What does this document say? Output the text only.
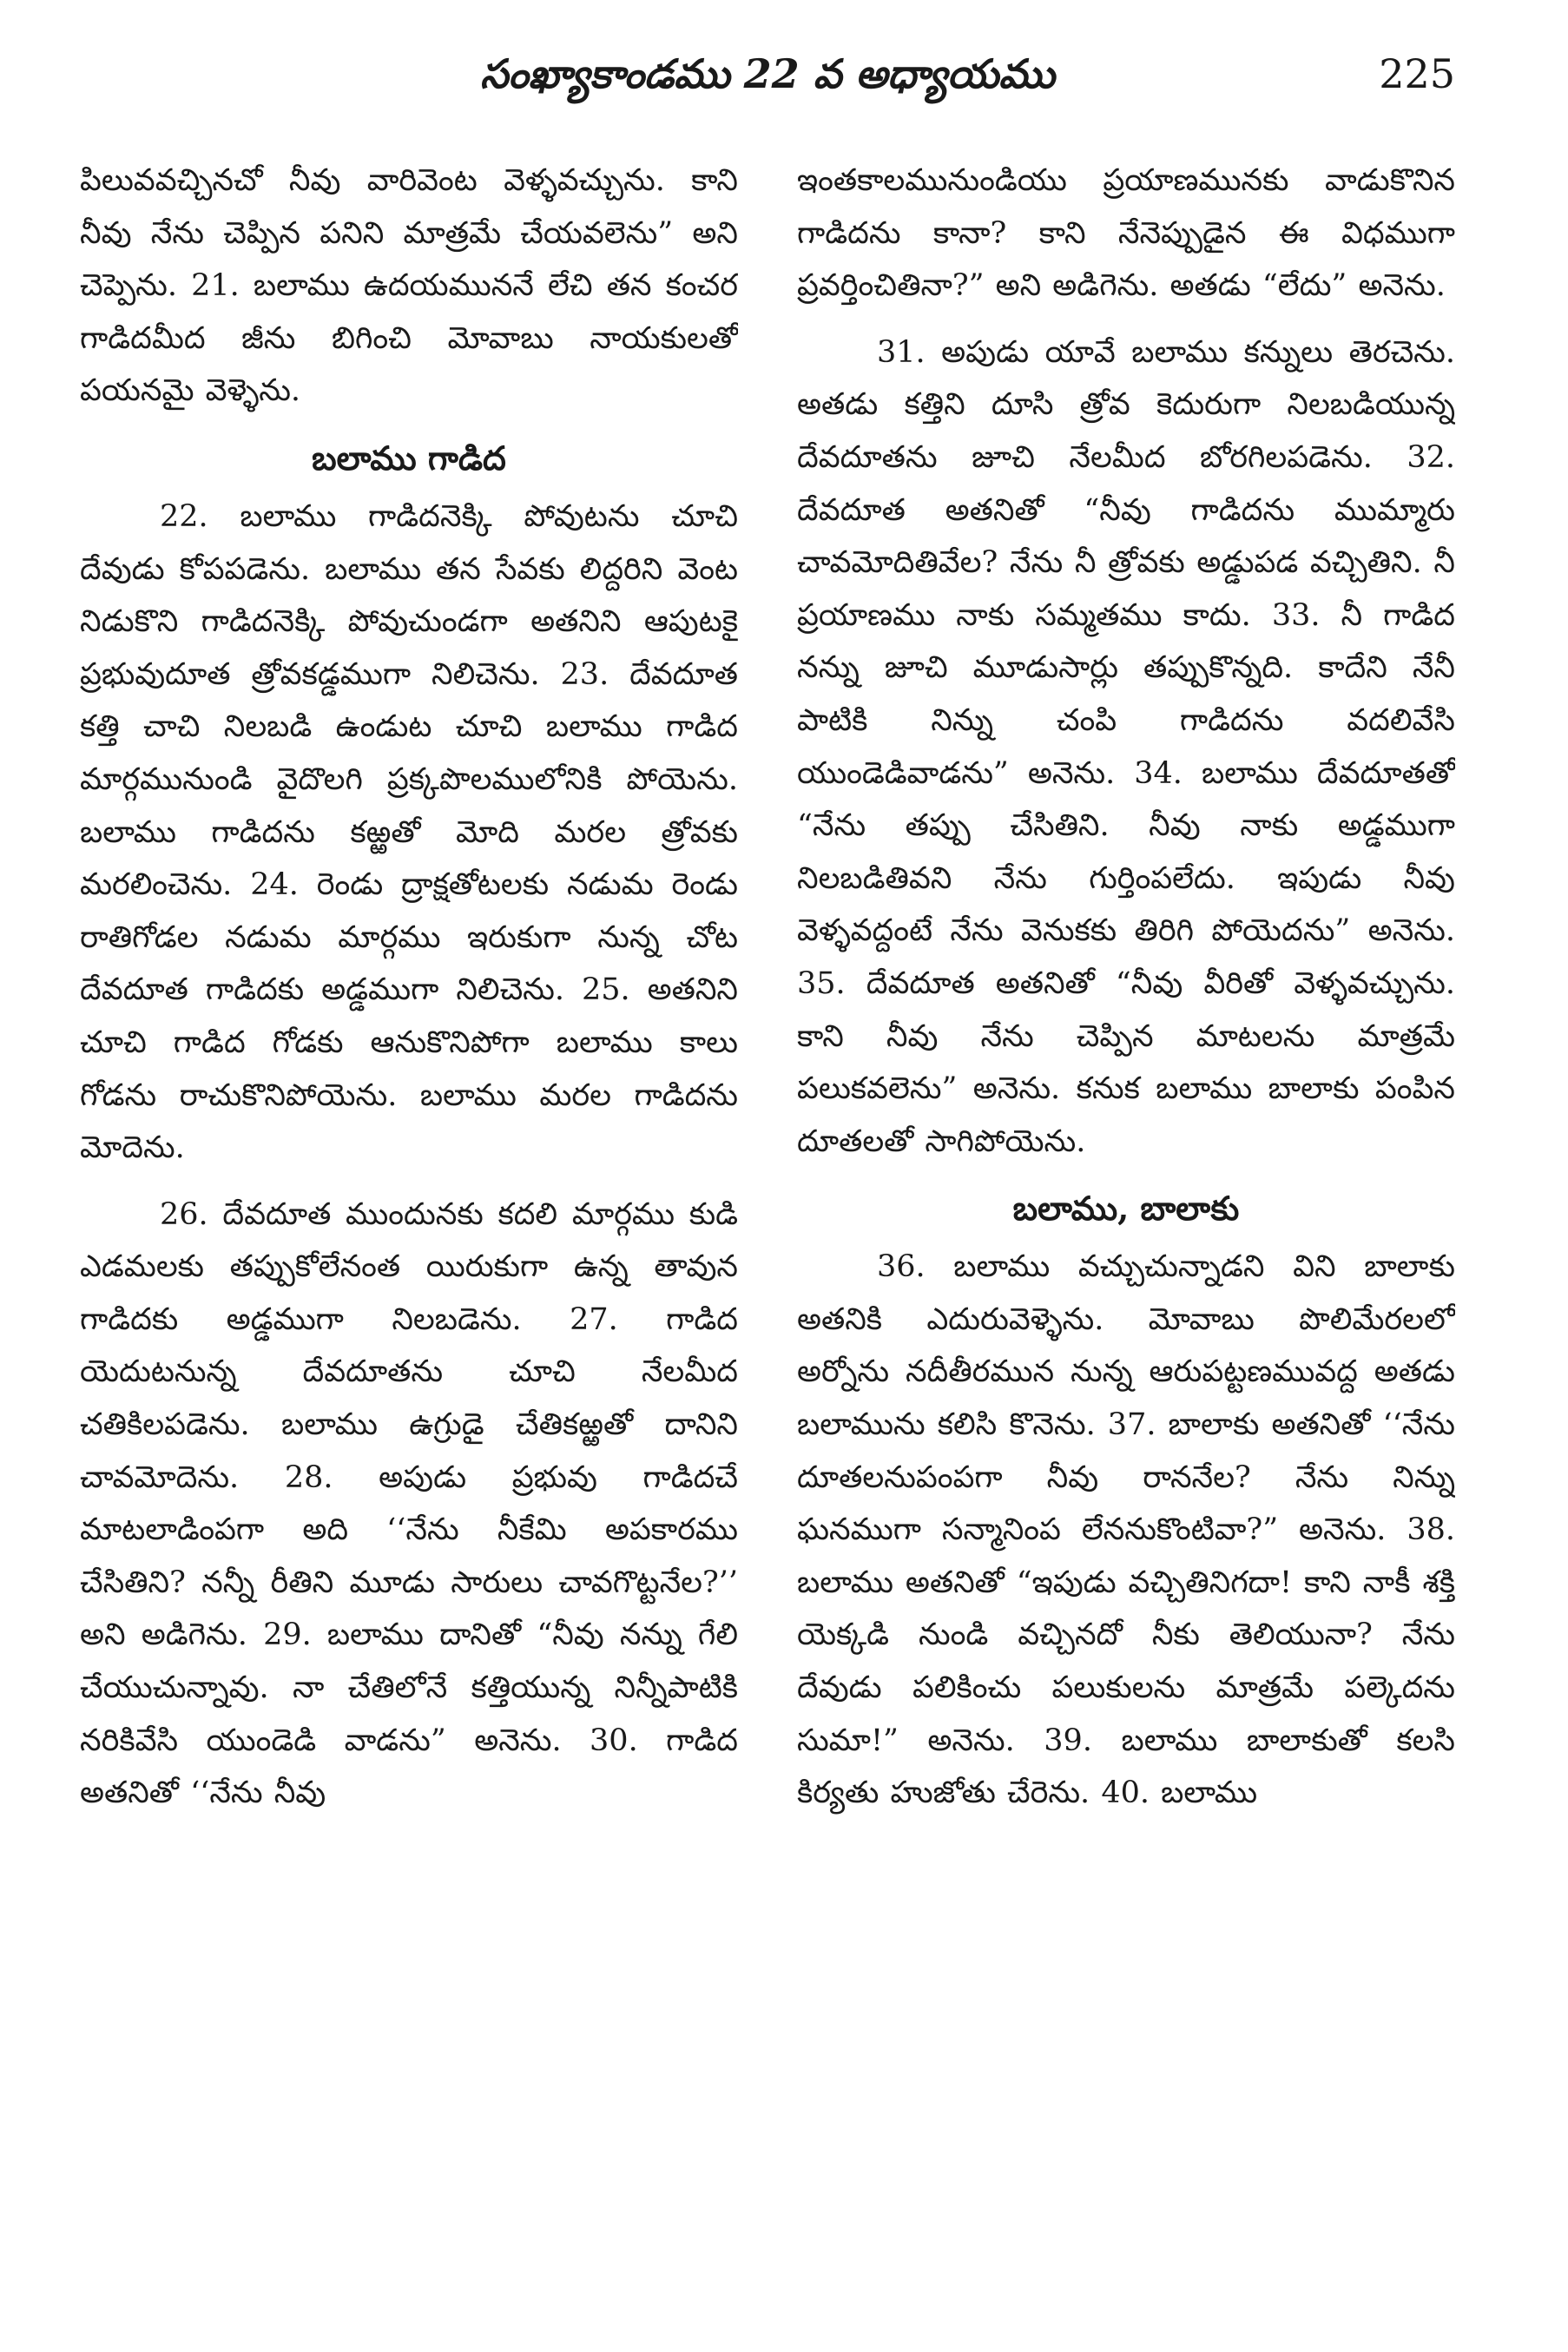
సంఖ్యాకాండము 22 వ అధ్యాయము	225

పిలువవచ్చినచో నీవు వారివెంట వెళ్ళవచ్చును. కాని నీవు నేను చెప్పిన పనిని మాత్రమే చేయవలెను” అని చెప్పెను. 21. బలాము ఉదయముననే లేచి తన కంచర గాడిదమీద జీను బిగించి మోవాబు నాయకులతో పయనమై వెళ్ళెను.

బలాము గాడిద

22. బలాము గాడిదనెక్కి పోవుటను చూచి దేవుడు కోపపడెను. బలాము తన సేవకు లిద్దరిని వెంట నిడుకొని గాడిదనెక్కి పోవుచుండగా అతనిని ఆపుటకై ప్రభువుదూత త్రోవకడ్డముగా నిలిచెను. 23. దేవదూత కత్తి చాచి నిలబడి ఉండుట చూచి బలాము గాడిద మార్గమునుండి వైదొలగి ప్రక్కపొలములోనికి పోయెను. బలాము గాడిదను కఱ్ఱతో మోది మరల త్రోవకు మరలించెను. 24. రెండు ద్రాక్షతోటలకు నడుమ రెండు రాతిగోడల నడుమ మార్గము ఇరుకుగా నున్న చోట దేవదూత గాడిదకు అడ్డముగా నిలిచెను. 25. అతనిని చూచి గాడిద గోడకు ఆనుకొనిపోగా బలాము కాలు గోడను రాచుకొనిపోయెను. బలాము మరల గాడిదను మోదెను.

26. దేవదూత ముందునకు కదలి మార్గము కుడి ఎడమలకు తప్పుకోలేనంత యిరుకుగా ఉన్న తావున గాడిదకు అడ్డముగా నిలబడెను. 27. గాడిద యెదుటనున్న దేవదూతను చూచి నేలమీద చతికిలపడెను. బలాము ఉగ్రుడై చేతికఱ్ఱతో దానిని చావమోదెను. 28. అపుడు ప్రభువు గాడిదచే మాటలాడింపగా అది ‘‘నేను నీకేమి అపకారము చేసితిని? నన్నీ రీతిని మూడు సారులు చావగొట్టనేల?’’ అని అడిగెను. 29. బలాము దానితో “నీవు నన్ను గేలి చేయుచున్నావు. నా చేతిలోనే కత్తియున్న నిన్నీపాటికి నరికివేసి యుండెడి వాడను” అనెను. 30. గాడిద అతనితో ‘‘నేను నీవు

ఇంతకాలమునుండియు ప్రయాణమునకు వాడుకొనిన గాడిదను కానా? కాని నేనెప్పుడైన ఈ విధముగా ప్రవర్తించితినా?” అని అడిగెను. అతడు “లేదు” అనెను.

31. అపుడు యావే బలాము కన్నులు తెరచెను. అతడు కత్తిని దూసి త్రోవ కెదురుగా నిలబడియున్న దేవదూతను జూచి నేలమీద బోరగిలపడెను. 32. దేవదూత అతనితో “నీవు గాడిదను ముమ్మారు చావమోదితివేల? నేను నీ త్రోవకు అడ్డుపడ వచ్చితిని. నీ ప్రయాణము నాకు సమ్మతము కాదు. 33. నీ గాడిద నన్ను జూచి మూడుసార్లు తప్పుకొన్నది. కాదేని నేనీ పాటికి నిన్ను చంపి గాడిదను వదలివేసి యుండెడివాడను” అనెను. 34. బలాము దేవదూతతో “నేను తప్పు చేసితిని. నీవు నాకు అడ్డముగా నిలబడితివని నేను గుర్తింపలేదు. ఇపుడు నీవు వెళ్ళవద్దంటే నేను వెనుకకు తిరిగి పోయెదను” అనెను. 35. దేవదూత అతనితో “నీవు వీరితో వెళ్ళవచ్చును. కాని నీవు నేను చెప్పిన మాటలను మాత్రమే పలుకవలెను” అనెను. కనుక బలాము బాలాకు పంపిన దూతలతో సాగిపోయెను.

బలాము, బాలాకు

36. బలాము వచ్చుచున్నాడని విని బాలాకు అతనికి ఎదురువెళ్ళెను. మోవాబు పొలిమేరలలో అర్నోను నదీతీరమున నున్న ఆరుపట్టణమువద్ద అతడు బలామును కలిసి కొనెను. 37. బాలాకు అతనితో ‘‘నేను దూతలనుపంపగా నీవు రాననేల? నేను నిన్ను ఘనముగా సన్మానింప లేననుకొంటివా?” అనెను. 38. బలాము అతనితో “ఇపుడు వచ్చితినిగదా! కాని నాకీ శక్తి యెక్కడి నుండి వచ్చినదో నీకు తెలియునా? నేను దేవుడు పలికించు పలుకులను మాత్రమే పల్కెదను సుమా!” అనెను. 39. బలాము బాలాకుతో కలసి కిర్యతు హుజోతు చేరెను. 40. బలాము
